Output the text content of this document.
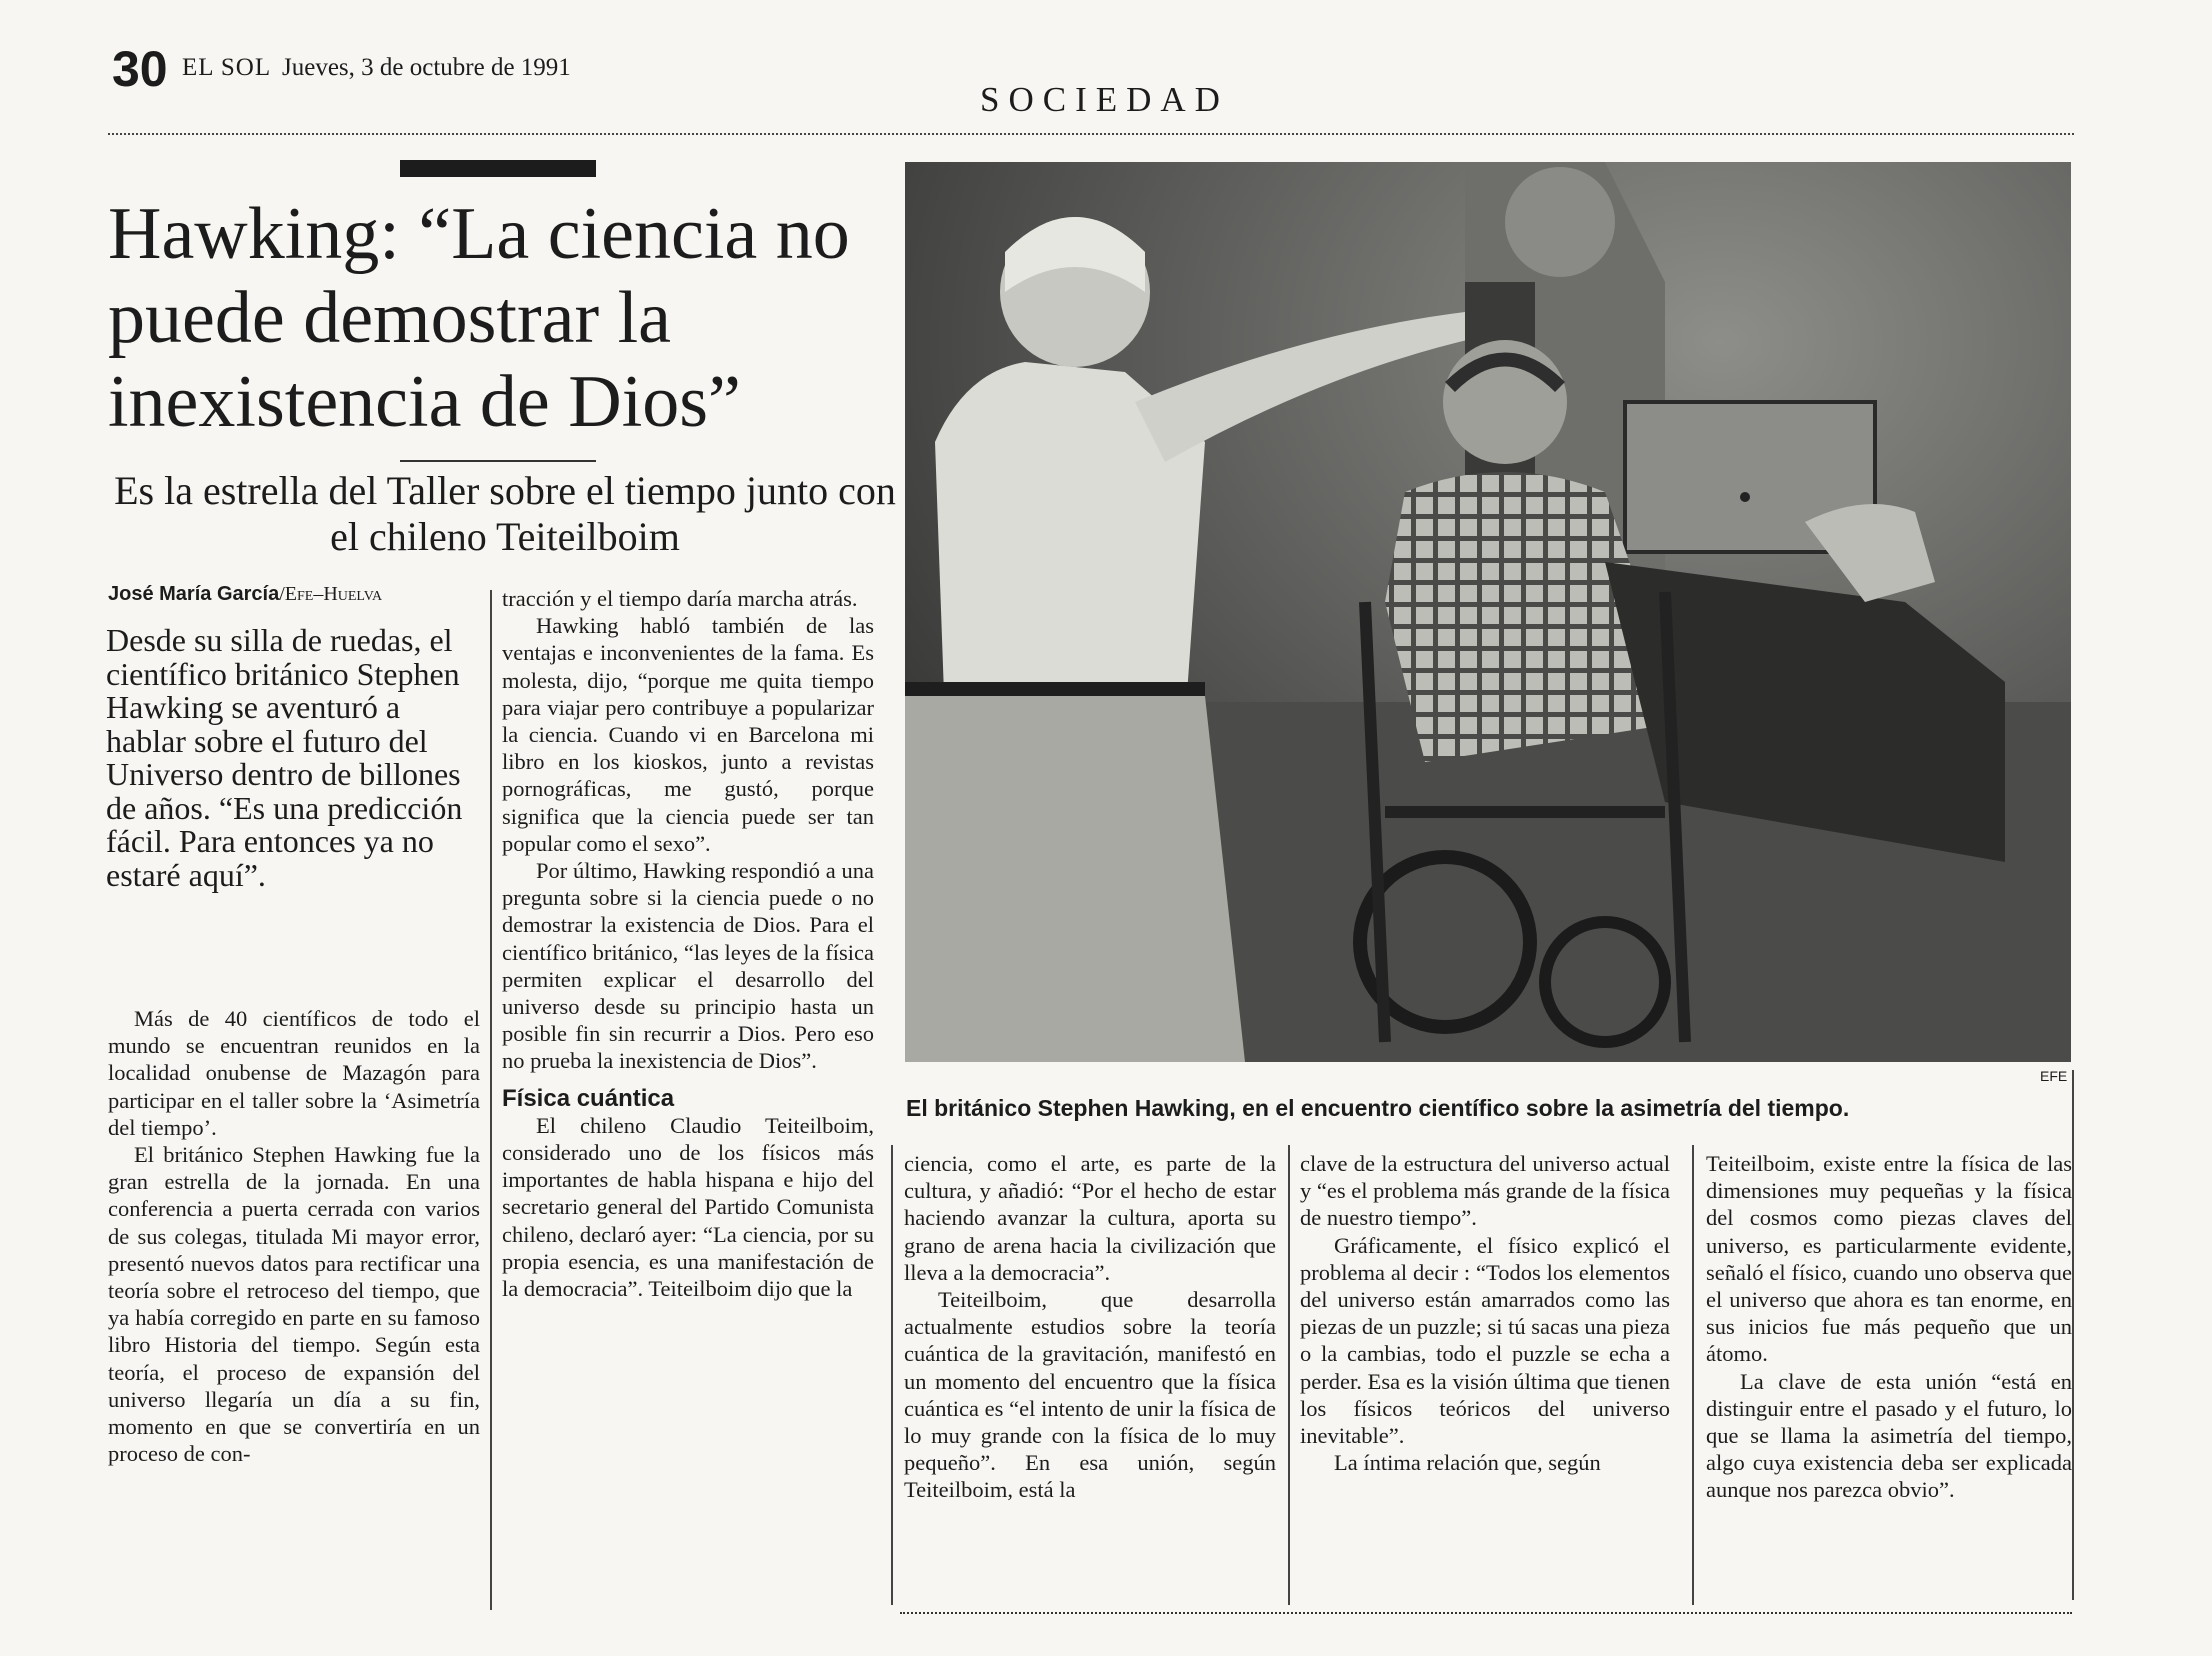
30 EL SOL Jueves, 3 de octubre de 1991
SOCIEDAD
Hawking: “La ciencia no puede demostrar la inexistencia de Dios”
Es la estrella del Taller sobre el tiempo junto con el chileno Teiteilboim
José María García/Efe–Huelva

Desde su silla de ruedas, el científico británico Stephen Hawking se aventuró a hablar sobre el futuro del Universo dentro de billones de años. “Es una predicción fácil. Para entonces ya no estaré aquí”.

Más de 40 científicos de todo el mundo se encuentran reunidos en la localidad onubense de Mazagón para participar en el taller sobre la ‘Asimetría del tiempo’.

El británico Stephen Hawking fue la gran estrella de la jornada. En una conferencia a puerta cerrada con varios de sus colegas, titulada Mi mayor error, presentó nuevos datos para rectificar una teoría sobre el retroceso del tiempo, que ya había corregido en parte en su famoso libro Historia del tiempo. Según esta teoría, el proceso de expansión del universo llegaría un día a su fin, momento en que se convertiría en un proceso de con-

tracción y el tiempo daría marcha atrás.

Hawking habló también de las ventajas e inconvenientes de la fama. Es molesta, dijo, “porque me quita tiempo para viajar pero contribuye a popularizar la ciencia. Cuando vi en Barcelona mi libro en los kioskos, junto a revistas pornográficas, me gustó, porque significa que la ciencia puede ser tan popular como el sexo”.

Por último, Hawking respondió a una pregunta sobre si la ciencia puede o no demostrar la existencia de Dios. Para el científico británico, “las leyes de la física permiten explicar el desarrollo del universo desde su principio hasta un posible fin sin recurrir a Dios. Pero eso no prueba la inexistencia de Dios”.

Física cuántica

El chileno Claudio Teiteilboim, considerado uno de los físicos más importantes de habla hispana e hijo del secretario general del Partido Comunista chileno, declaró ayer: “La ciencia, por su propia esencia, es una manifestación de la democracia”. Teiteilboim dijo que la

EFE
El británico Stephen Hawking, en el encuentro científico sobre la asimetría del tiempo.

ciencia, como el arte, es parte de la cultura, y añadió: “Por el hecho de estar haciendo avanzar la cultura, aporta su grano de arena hacia la civilización que lleva a la democracia”.

Teiteilboim, que desarrolla actualmente estudios sobre la teoría cuántica de la gravitación, manifestó en un momento del encuentro que la física cuántica es “el intento de unir la física de lo muy grande con la física de lo muy pequeño”. En esa unión, según Teiteilboim, está la

clave de la estructura del universo actual y “es el problema más grande de la física de nuestro tiempo”.

Gráficamente, el físico explicó el problema al decir : “Todos los elementos del universo están amarrados como las piezas de un puzzle; si tú sacas una pieza o la cambias, todo el puzzle se echa a perder. Esa es la visión última que tienen los físicos teóricos del universo inevitable”.

La íntima relación que, según

Teiteilboim, existe entre la física de las dimensiones muy pequeñas y la física del cosmos como piezas claves del universo, es particularmente evidente, señaló el físico, cuando uno observa que el universo que ahora es tan enorme, en sus inicios fue más pequeño que un átomo.

La clave de esta unión “está en distinguir entre el pasado y el futuro, lo que se llama la asimetría del tiempo, algo cuya existencia deba ser explicada aunque nos parezca obvio”.
